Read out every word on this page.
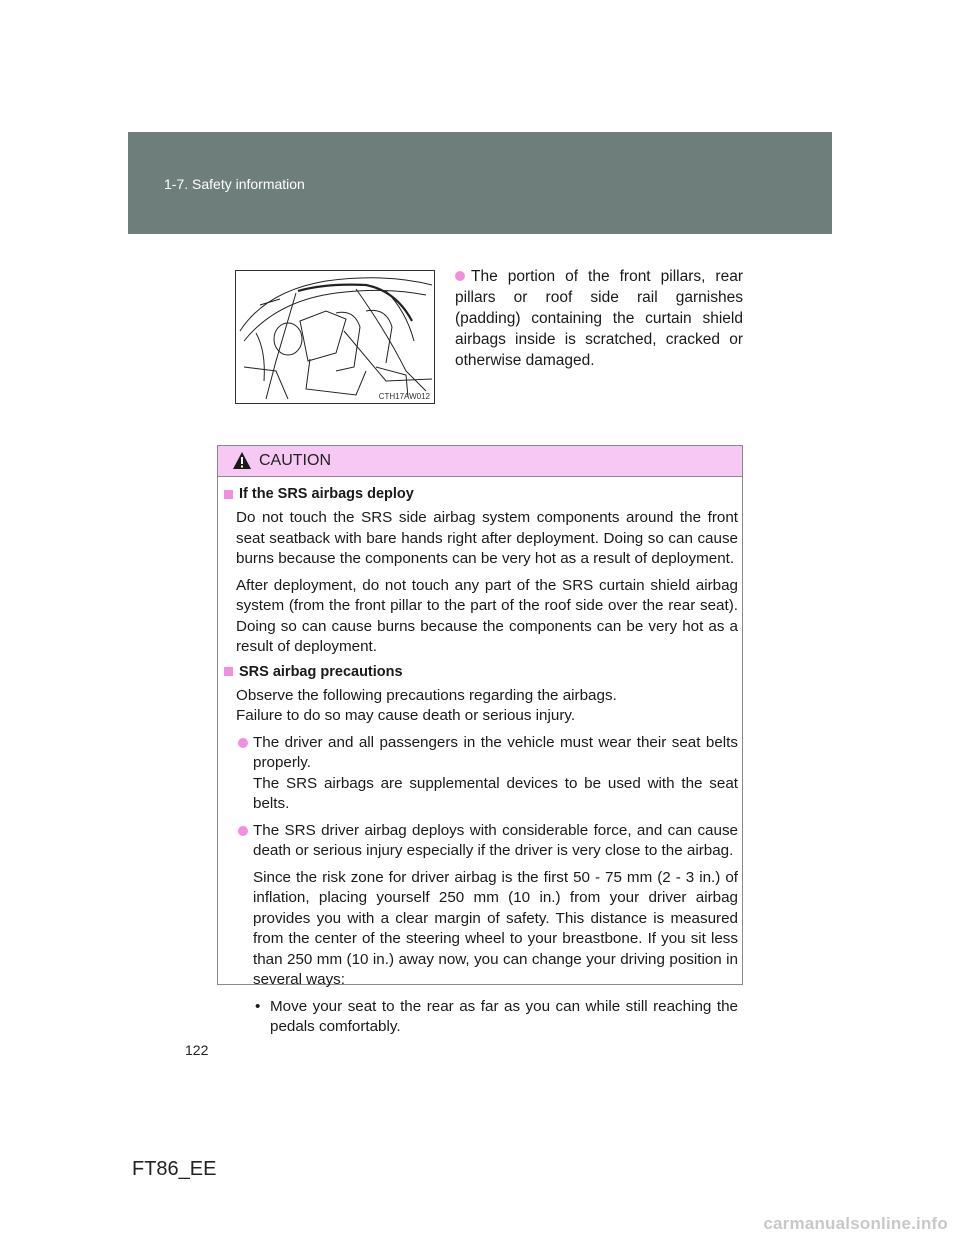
1-7. Safety information
CTH17AW012
The portion of the front pillars, rear pillars or roof side rail garnishes (padding) containing the curtain shield airbags inside is scratched, cracked or otherwise damaged.
CAUTION
If the SRS airbags deploy

Do not touch the SRS side airbag system components around the front seat seatback with bare hands right after deployment. Doing so can cause burns because the components can be very hot as a result of deployment.

After deployment, do not touch any part of the SRS curtain shield airbag system (from the front pillar to the part of the roof side over the rear seat). Doing so can cause burns because the components can be very hot as a result of deployment.

SRS airbag precautions

Observe the following precautions regarding the airbags.

Failure to do so may cause death or serious injury.

The driver and all passengers in the vehicle must wear their seat belts properly.

The SRS airbags are supplemental devices to be used with the seat belts.

The SRS driver airbag deploys with considerable force, and can cause death or serious injury especially if the driver is very close to the airbag.

Since the risk zone for driver airbag is the first 50 - 75 mm (2 - 3 in.) of inflation, placing yourself 250 mm (10 in.) from your driver airbag provides you with a clear margin of safety. This distance is measured from the center of the steering wheel to your breastbone. If you sit less than 250 mm (10 in.) away now, you can change your driving position in several ways:

• Move your seat to the rear as far as you can while still reaching the pedals comfortably.
122
FT86_EE
carmanualsonline.info
